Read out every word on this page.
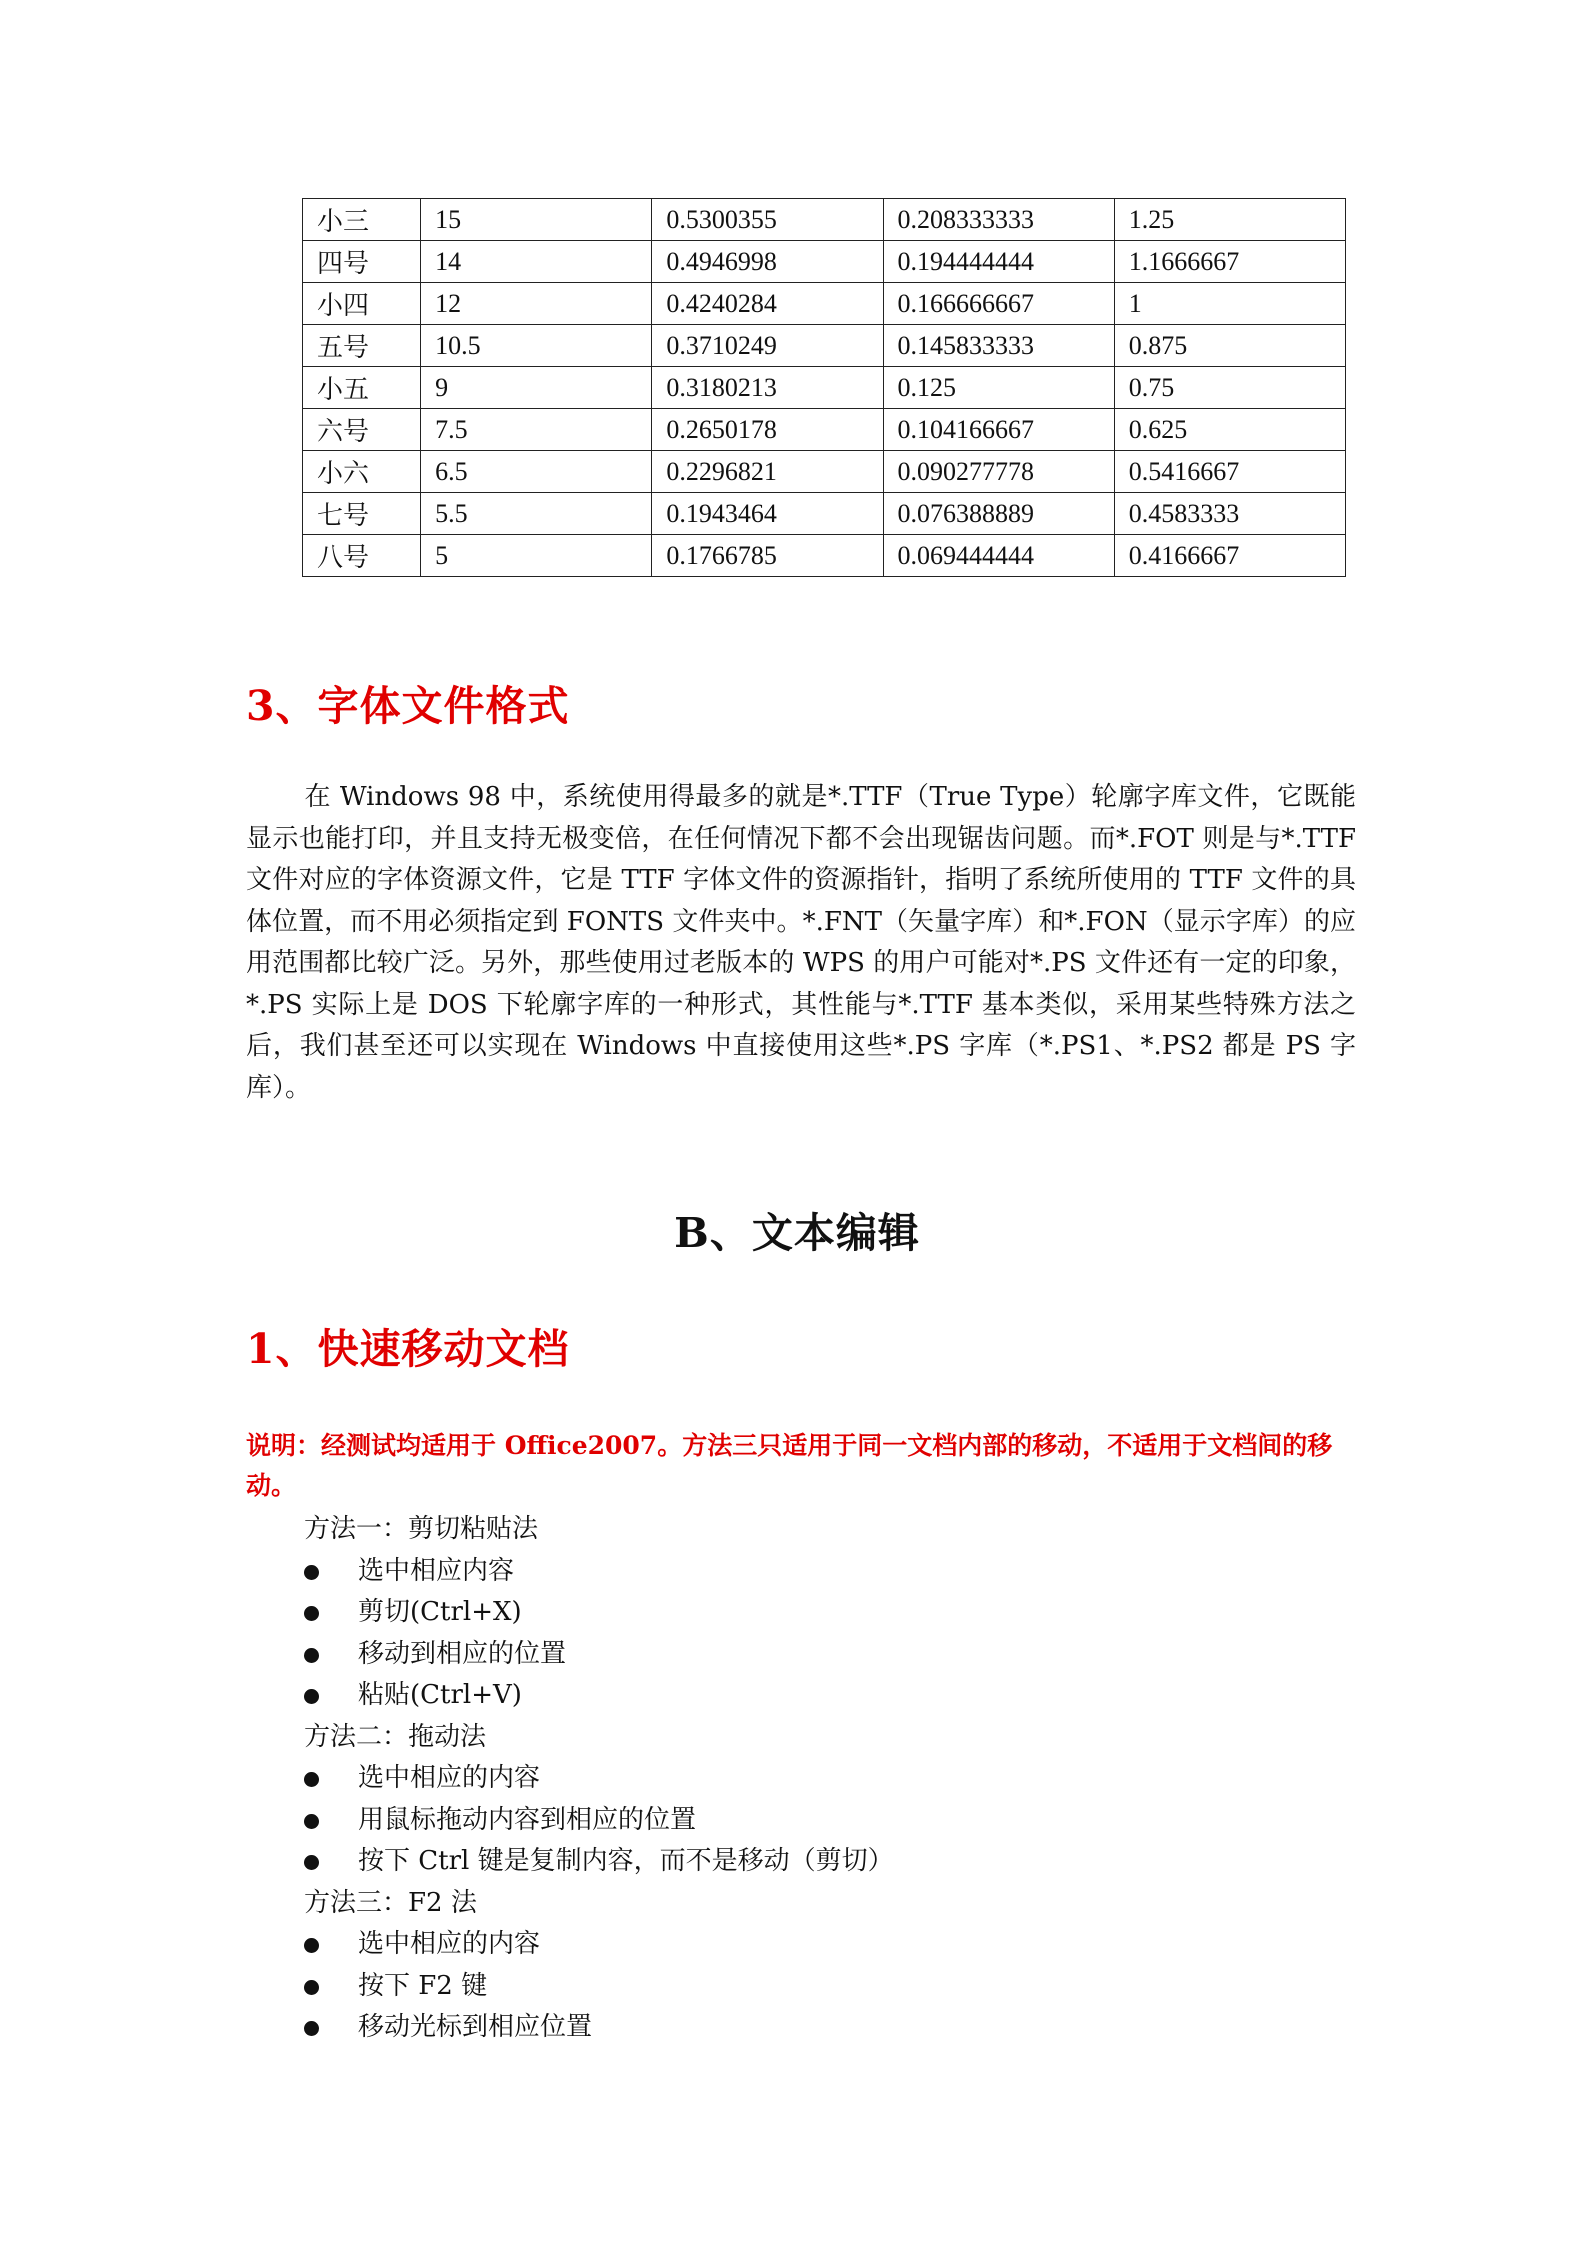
小三	15	0.5300355	0.208333333	1.25
四号	14	0.4946998	0.194444444	1.1666667
小四	12	0.4240284	0.166666667	1
五号	10.5	0.3710249	0.145833333	0.875
小五	9	0.3180213	0.125	0.75
六号	7.5	0.2650178	0.104166667	0.625
小六	6.5	0.2296821	0.090277778	0.5416667
七号	5.5	0.1943464	0.076388889	0.4583333
八号	5	0.1766785	0.069444444	0.4166667
3、字体文件格式

在 Windows 98 中，系统使用得最多的就是*.TTF（True Type）轮廓字库文件，它既能显示也能打印，并且支持无极变倍，在任何情况下都不会出现锯齿问题。而*.FOT 则是与*.TTF 文件对应的字体资源文件，它是 TTF 字体文件的资源指针，指明了系统所使用的 TTF 文件的具体位置，而不用必须指定到 FONTS 文件夹中。*.FNT（矢量字库）和*.FON（显示字库）的应用范围都比较广泛。另外，那些使用过老版本的 WPS 的用户可能对*.PS 文件还有一定的印象，*.PS 实际上是 DOS 下轮廓字库的一种形式，其性能与*.TTF 基本类似，采用某些特殊方法之后，我们甚至还可以实现在 Windows 中直接使用这些*.PS 字库（*.PS1、*.PS2 都是 PS 字库）。

B、文本编辑
1、快速移动文档

说明：经测试均适用于 Office2007。方法三只适用于同一文档内部的移动，不适用于文档间的移动。

方法一：剪切粘贴法
选中相应内容
剪切(Ctrl+X)
移动到相应的位置
粘贴(Ctrl+V)
方法二：拖动法
选中相应的内容
用鼠标拖动内容到相应的位置
按下 Ctrl 键是复制内容，而不是移动（剪切）
方法三：F2 法
选中相应的内容
按下 F2 键
移动光标到相应位置
